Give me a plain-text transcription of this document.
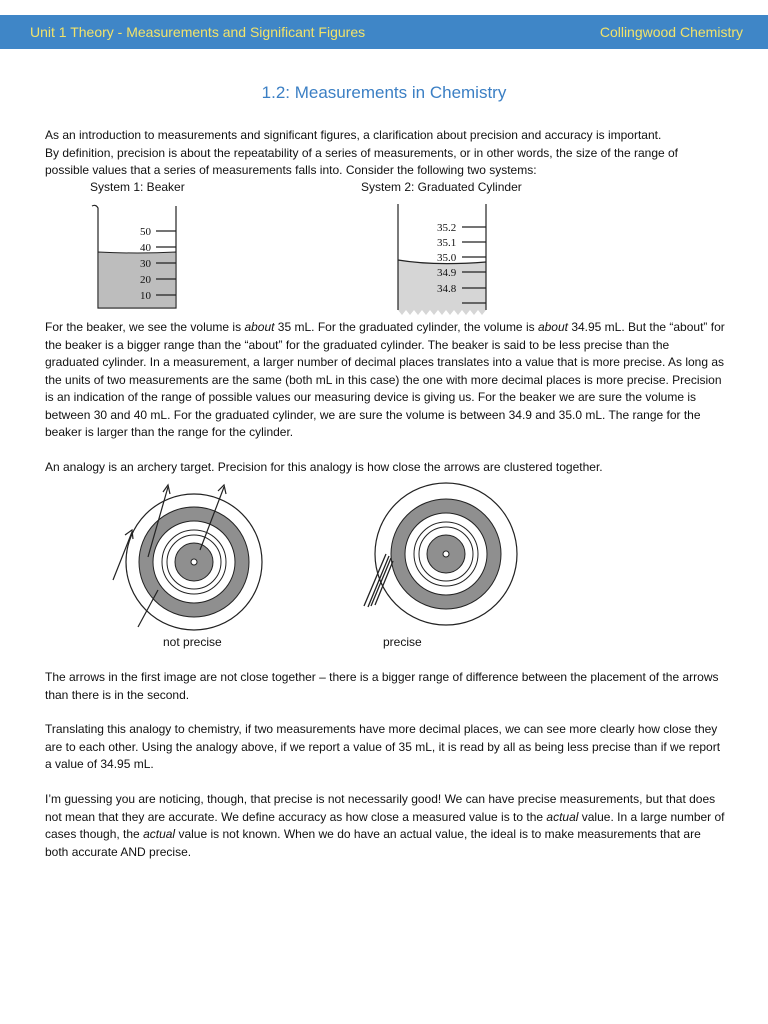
Unit 1 Theory - Measurements and Significant Figures	Collingwood Chemistry
1.2: Measurements in Chemistry

As an introduction to measurements and significant figures, a clarification about precision and accuracy is important.
By definition, precision is about the repeatability of a series of measurements, or in other words, the size of the range of possible values that a series of measurements falls into. Consider the following two systems:

System 1: Beaker	System 2: Graduated Cylinder
50
40
30
20
10
35.2
35.1
35.0
34.9
34.8

For the beaker, we see the volume is about 35 mL. For the graduated cylinder, the volume is about 34.95 mL. But the “about” for the beaker is a bigger range than the “about” for the graduated cylinder. The beaker is said to be less precise than the graduated cylinder. In a measurement, a larger number of decimal places translates into a value that is more precise. As long as the units of two measurements are the same (both mL in this case) the one with more decimal places is more precise. Precision is an indication of the range of possible values our measuring device is giving us. For the beaker we are sure the volume is between 30 and 40 mL. For the graduated cylinder, we are sure the volume is between 34.9 and 35.0 mL. The range for the beaker is larger than the range for the cylinder.

An analogy is an archery target. Precision for this analogy is how close the arrows are clustered together.

not precise	precise

The arrows in the first image are not close together – there is a bigger range of difference between the placement of the arrows than there is in the second.

Translating this analogy to chemistry, if two measurements have more decimal places, we can see more clearly how close they are to each other. Using the analogy above, if we report a value of 35 mL, it is read by all as being less precise than if we report a value of 34.95 mL.

I’m guessing you are noticing, though, that precise is not necessarily good! We can have precise measurements, but that does not mean that they are accurate. We define accuracy as how close a measured value is to the actual value. In a large number of cases though, the actual value is not known. When we do have an actual value, the ideal is to make measurements that are both accurate AND precise.
